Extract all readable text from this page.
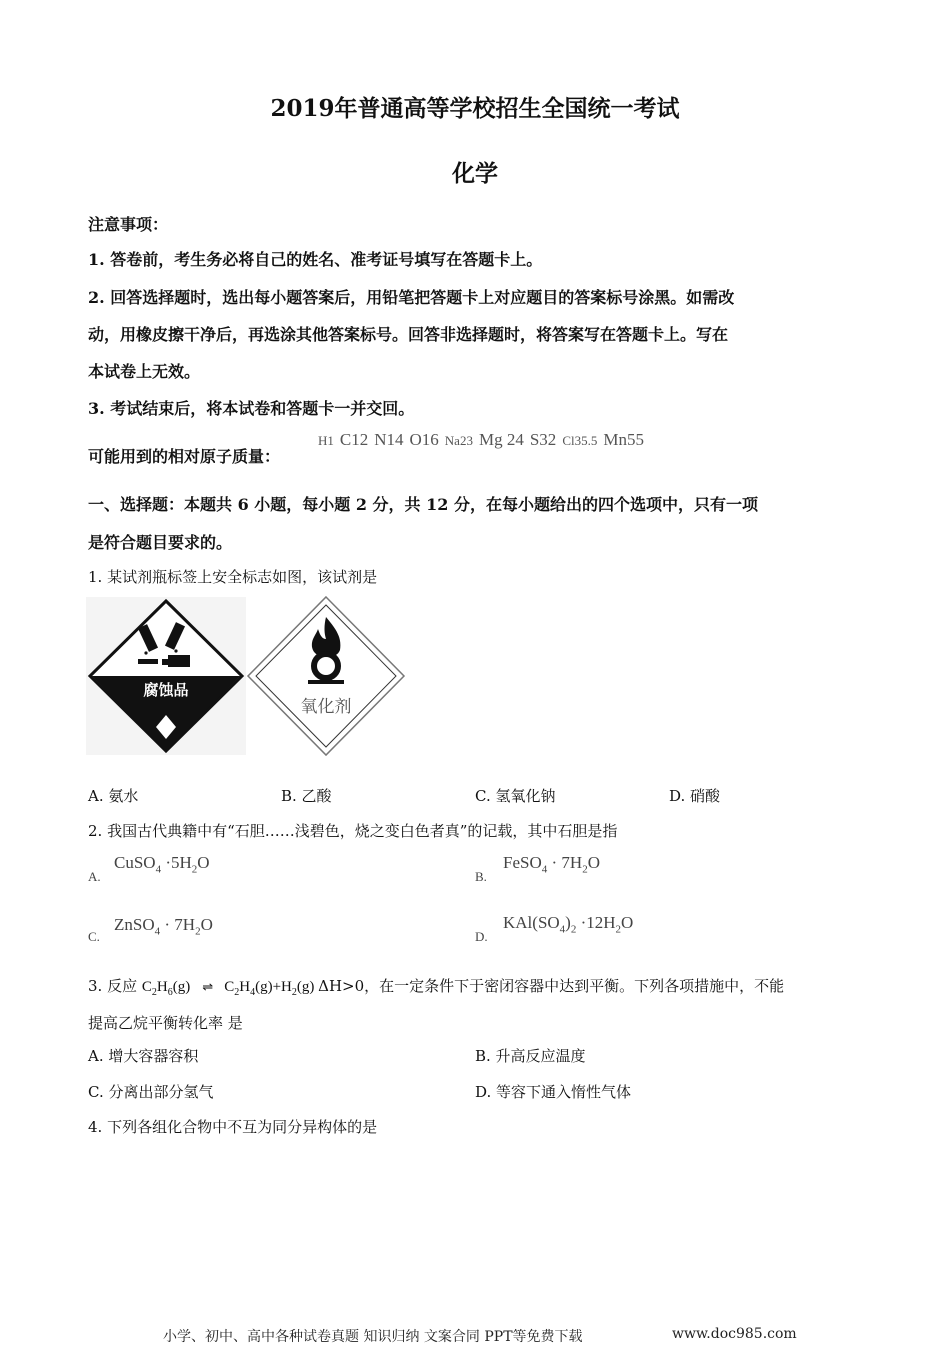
2019年普通高等学校招生全国统一考试
化学
注意事项：
1. 答卷前，考生务必将自己的姓名、准考证号填写在答题卡上。
2. 回答选择题时，选出每小题答案后，用铅笔把答题卡上对应题目的答案标号涂黑。如需改
动，用橡皮擦干净后，再选涂其他答案标号。回答非选择题时，将答案写在答题卡上。写在
本试卷上无效。
3. 考试结束后，将本试卷和答题卡一并交回。
可能用到的相对原子质量：
H1 C12 N14 O16 Na23 Mg 24 S32 Cl35.5 Mn55
一、选择题：本题共 6 小题，每小题 2 分，共 12 分，在每小题给出的四个选项中，只有一项
是符合题目要求的。
1. 某试剂瓶标签上安全标志如图，该试剂是
腐蚀品
氧化剂
A. 氨水	B. 乙酸	C. 氢氧化钠	D. 硝酸
2. 我国古代典籍中有“石胆……浅碧色，烧之变白色者真”的记载，其中石胆是指
A.
CuSO$_4$ $\cdot 5H_2O$
B.
FeSO$_4$ · $7H_2O$
C.
ZnSO$_4$ · $7H_2O$
D.
$KAl(SO_4)_2 \cdot 12H_2O$
3. 反应 $C_2H_6(g)$ ⇌ $C_2H_4(g)+H_2(g)$ ΔH>0，在一定条件下于密闭容器中达到平衡。下列各项措施中，不能
提高乙烷平衡转化率 是
A. 增大容器容积	B. 升高反应温度
C. 分离出部分氢气	D. 等容下通入惰性气体
4. 下列各组化合物中不互为同分异构体的是
小学、初中、高中各种试卷真题 知识归纳 文案合同 PPT等免费下载	www.doc985.com
